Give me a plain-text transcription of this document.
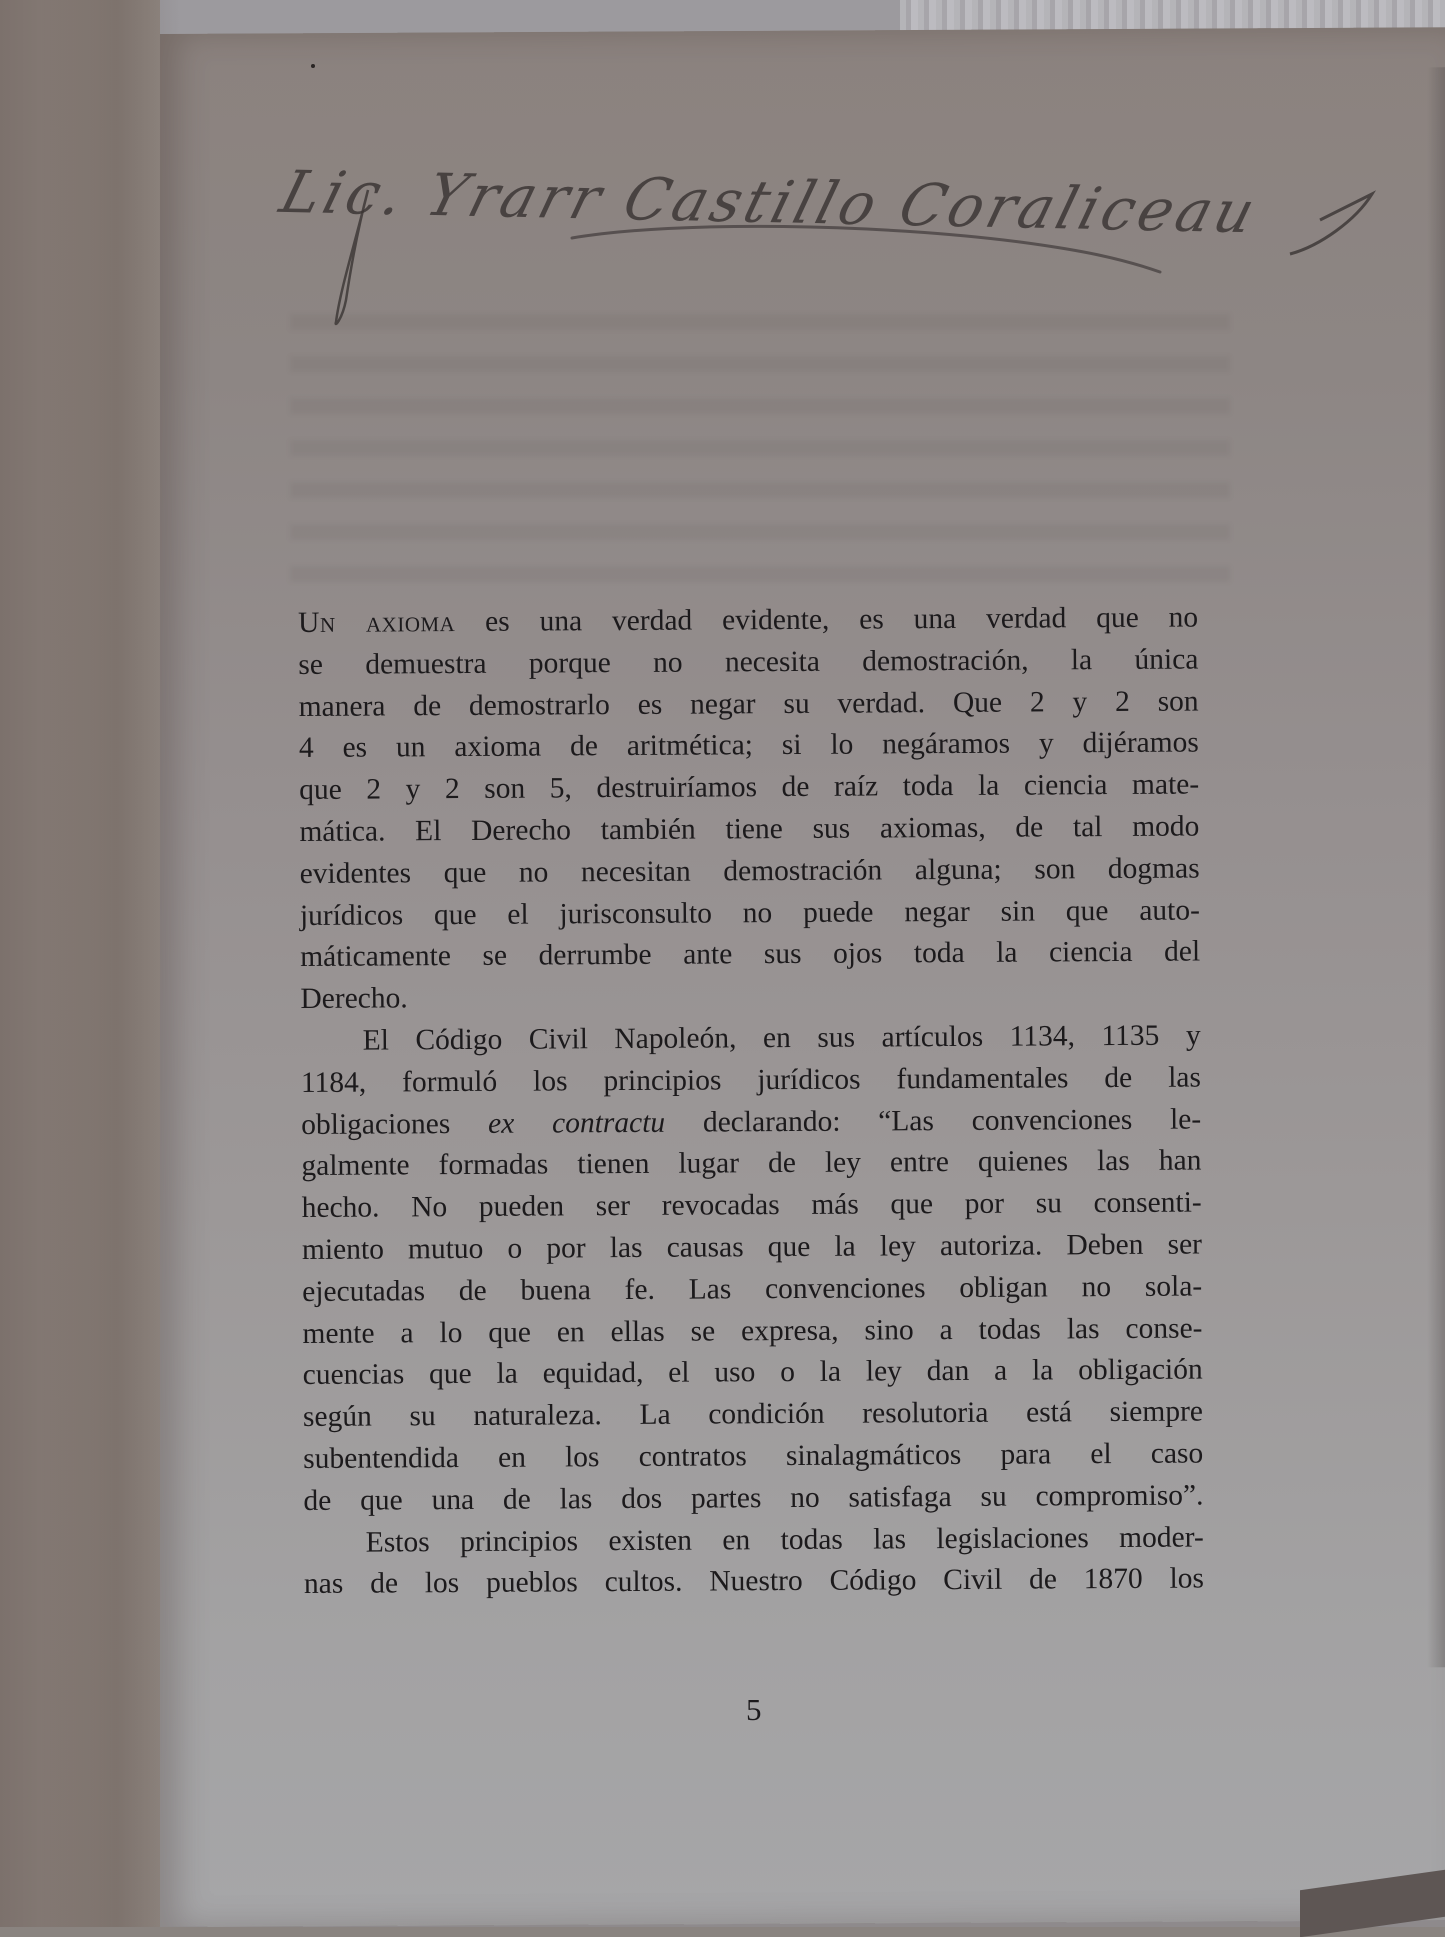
Lic. Yrarr Castillo Coraliceau
Un axioma es una verdad evidente, es una verdad que no
se demuestra porque no necesita demostración, la única
manera de demostrarlo es negar su verdad. Que 2 y 2 son
4 es un axioma de aritmética; si lo negáramos y dijéramos
que 2 y 2 son 5, destruiríamos de raíz toda la ciencia mate-
mática. El Derecho también tiene sus axiomas, de tal modo
evidentes que no necesitan demostración alguna; son dogmas
jurídicos que el jurisconsulto no puede negar sin que auto-
máticamente se derrumbe ante sus ojos toda la ciencia del
Derecho.
El Código Civil Napoleón, en sus artículos 1134, 1135 y
1184, formuló los principios jurídicos fundamentales de las
obligaciones ex contractu declarando: “Las convenciones le-
galmente formadas tienen lugar de ley entre quienes las han
hecho. No pueden ser revocadas más que por su consenti-
miento mutuo o por las causas que la ley autoriza. Deben ser
ejecutadas de buena fe. Las convenciones obligan no sola-
mente a lo que en ellas se expresa, sino a todas las conse-
cuencias que la equidad, el uso o la ley dan a la obligación
según su naturaleza. La condición resolutoria está siempre
subentendida en los contratos sinalagmáticos para el caso
de que una de las dos partes no satisfaga su compromiso”.
Estos principios existen en todas las legislaciones moder-
nas de los pueblos cultos. Nuestro Código Civil de 1870 los
5
